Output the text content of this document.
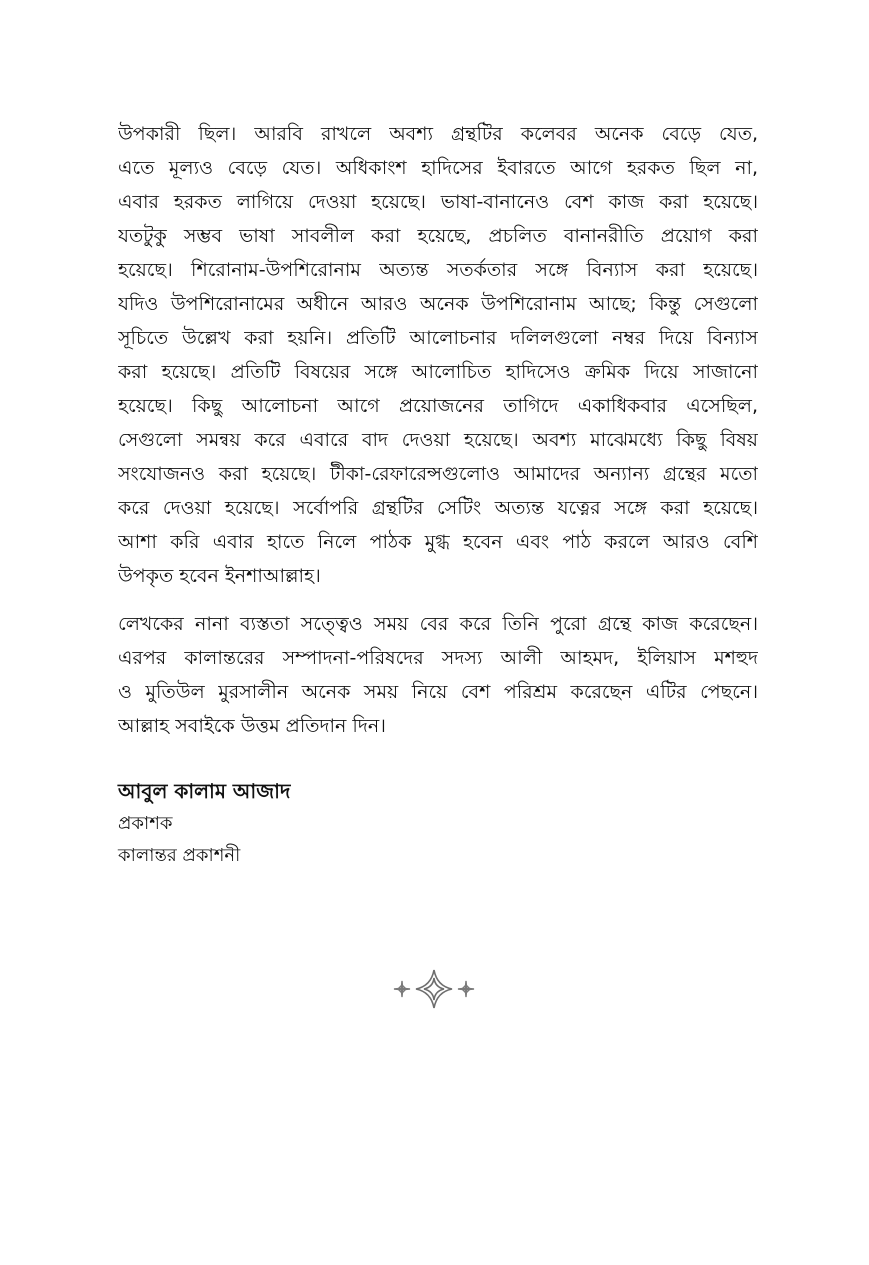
উপকারী ছিল। আরবি রাখলে অবশ্য গ্রন্থটির কলেবর অনেক বেড়ে যেত,
এতে মূল্যও বেড়ে যেত। অধিকাংশ হাদিসের ইবারতে আগে হরকত ছিল না,
এবার হরকত লাগিয়ে দেওয়া হয়েছে। ভাষা-বানানেও বেশ কাজ করা হয়েছে।
যতটুকু সম্ভব ভাষা সাবলীল করা হয়েছে, প্রচলিত বানানরীতি প্রয়োগ করা
হয়েছে। শিরোনাম-উপশিরোনাম অত্যন্ত সতর্কতার সঙ্গে বিন্যাস করা হয়েছে।
যদিও উপশিরোনামের অধীনে আরও অনেক উপশিরোনাম আছে; কিন্তু সেগুলো
সূচিতে উল্লেখ করা হয়নি। প্রতিটি আলোচনার দলিলগুলো নম্বর দিয়ে বিন্যাস
করা হয়েছে। প্রতিটি বিষয়ের সঙ্গে আলোচিত হাদিসেও ক্রমিক দিয়ে সাজানো
হয়েছে। কিছু আলোচনা আগে প্রয়োজনের তাগিদে একাধিকবার এসেছিল,
সেগুলো সমন্বয় করে এবারে বাদ দেওয়া হয়েছে। অবশ্য মাঝেমধ্যে কিছু বিষয়
সংযোজনও করা হয়েছে। টীকা-রেফারেন্সগুলোও আমাদের অন্যান্য গ্রন্থের মতো
করে দেওয়া হয়েছে। সর্বোপরি গ্রন্থটির সেটিং অত্যন্ত যত্নের সঙ্গে করা হয়েছে।
আশা করি এবার হাতে নিলে পাঠক মুগ্ধ হবেন এবং পাঠ করলে আরও বেশি
উপকৃত হবেন ইনশাআল্লাহ।
লেখকের নানা ব্যস্ততা সত্ত্বেও সময় বের করে তিনি পুরো গ্রন্থে কাজ করেছেন।
এরপর কালান্তরের সম্পাদনা-পরিষদের সদস্য আলী আহমদ, ইলিয়াস মশহুদ
ও মুতিউল মুরসালীন অনেক সময় নিয়ে বেশ পরিশ্রম করেছেন এটির পেছনে।
আল্লাহ সবাইকে উত্তম প্রতিদান দিন।
আবুল কালাম আজাদ
প্রকাশক
কালান্তর প্রকাশনী
